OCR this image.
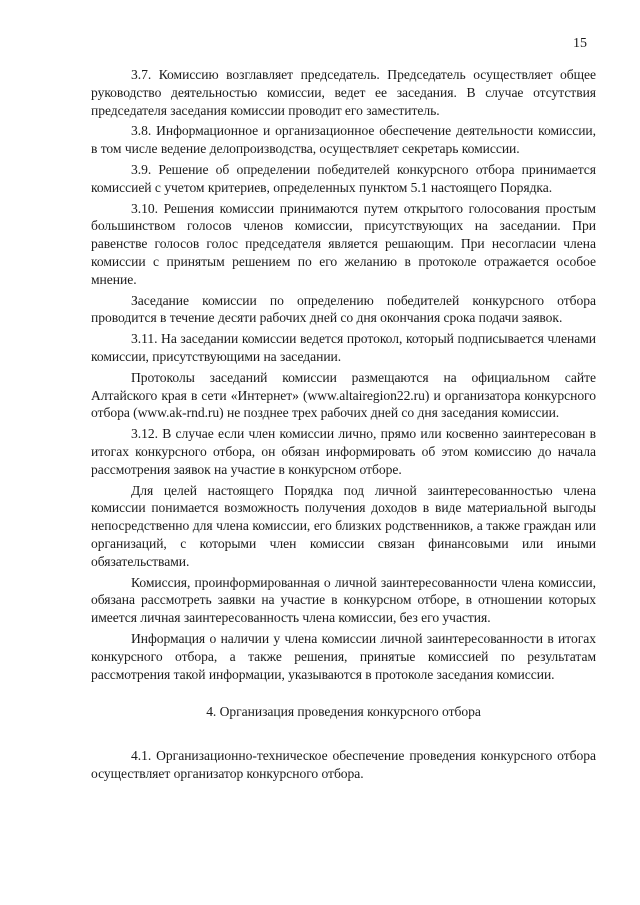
15

3.7. Комиссию возглавляет председатель. Председатель осуществляет общее руководство деятельностью комиссии, ведет ее заседания. В случае отсутствия председателя заседания комиссии проводит его заместитель.

3.8. Информационное и организационное обеспечение деятельности комиссии, в том числе ведение делопроизводства, осуществляет секретарь комиссии.

3.9. Решение об определении победителей конкурсного отбора принимается комиссией с учетом критериев, определенных пунктом 5.1 настоящего Порядка.

3.10. Решения комиссии принимаются путем открытого голосования простым большинством голосов членов комиссии, присутствующих на заседании. При равенстве голосов голос председателя является решающим. При несогласии члена комиссии с принятым решением по его желанию в протоколе отражается особое мнение.

Заседание комиссии по определению победителей конкурсного отбора проводится в течение десяти рабочих дней со дня окончания срока подачи заявок.

3.11. На заседании комиссии ведется протокол, который подписывается членами комиссии, присутствующими на заседании.

Протоколы заседаний комиссии размещаются на официальном сайте Алтайского края в сети «Интернет» (www.altairegion22.ru) и организатора конкурсного отбора (www.ak-rnd.ru) не позднее трех рабочих дней со дня заседания комиссии.

3.12. В случае если член комиссии лично, прямо или косвенно заинтересован в итогах конкурсного отбора, он обязан информировать об этом комиссию до начала рассмотрения заявок на участие в конкурсном отборе.

Для целей настоящего Порядка под личной заинтересованностью члена комиссии понимается возможность получения доходов в виде материальной выгоды непосредственно для члена комиссии, его близких родственников, а также граждан или организаций, с которыми член комиссии связан финансовыми или иными обязательствами.

Комиссия, проинформированная о личной заинтересованности члена комиссии, обязана рассмотреть заявки на участие в конкурсном отборе, в отношении которых имеется личная заинтересованность члена комиссии, без его участия.

Информация о наличии у члена комиссии личной заинтересованности в итогах конкурсного отбора, а также решения, принятые комиссией по результатам рассмотрения такой информации, указываются в протоколе заседания комиссии.

4. Организация проведения конкурсного отбора

4.1. Организационно-техническое обеспечение проведения конкурсного отбора осуществляет организатор конкурсного отбора.
